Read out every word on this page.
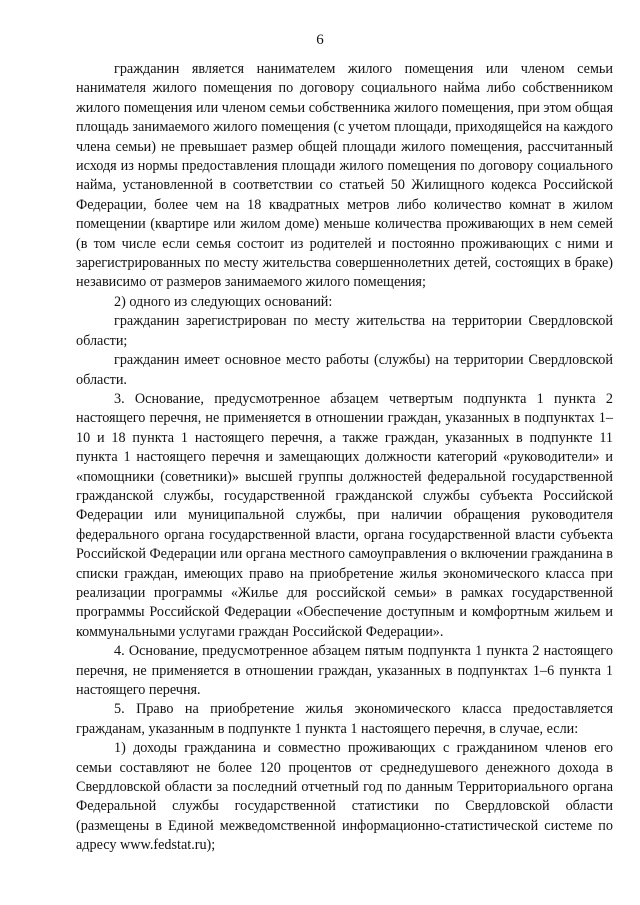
6

гражданин является нанимателем жилого помещения или членом семьи нанимателя жилого помещения по договору социального найма либо собственником жилого помещения или членом семьи собственника жилого помещения, при этом общая площадь занимаемого жилого помещения (с учетом площади, приходящейся на каждого члена семьи) не превышает размер общей площади жилого помещения, рассчитанный исходя из нормы предоставления площади жилого помещения по договору социального найма, установленной в соответствии со статьей 50 Жилищного кодекса Российской Федерации, более чем на 18 квадратных метров либо количество комнат в жилом помещении (квартире или жилом доме) меньше количества проживающих в нем семей (в том числе если семья состоит из родителей и постоянно проживающих с ними и зарегистрированных по месту жительства совершеннолетних детей, состоящих в браке) независимо от размеров занимаемого жилого помещения;

2) одного из следующих оснований:

гражданин зарегистрирован по месту жительства на территории Свердловской области;

гражданин имеет основное место работы (службы) на территории Свердловской области.

3. Основание, предусмотренное абзацем четвертым подпункта 1 пункта 2 настоящего перечня, не применяется в отношении граждан, указанных в подпунктах 1–10 и 18 пункта 1 настоящего перечня, а также граждан, указанных в подпункте 11 пункта 1 настоящего перечня и замещающих должности категорий «руководители» и «помощники (советники)» высшей группы должностей федеральной государственной гражданской службы, государственной гражданской службы субъекта Российской Федерации или муниципальной службы, при наличии обращения руководителя федерального органа государственной власти, органа государственной власти субъекта Российской Федерации или органа местного самоуправления о включении гражданина в списки граждан, имеющих право на приобретение жилья экономического класса при реализации программы «Жилье для российской семьи» в рамках государственной программы Российской Федерации «Обеспечение доступным и комфортным жильем и коммунальными услугами граждан Российской Федерации».

4. Основание, предусмотренное абзацем пятым подпункта 1 пункта 2 настоящего перечня, не применяется в отношении граждан, указанных в подпунктах 1–6 пункта 1 настоящего перечня.

5. Право на приобретение жилья экономического класса предоставляется гражданам, указанным в подпункте 1 пункта 1 настоящего перечня, в случае, если:

1) доходы гражданина и совместно проживающих с гражданином членов его семьи составляют не более 120 процентов от среднедушевого денежного дохода в Свердловской области за последний отчетный год по данным Территориального органа Федеральной службы государственной статистики по Свердловской области (размещены в Единой межведомственной информационно-статистической системе по адресу www.fedstat.ru);
